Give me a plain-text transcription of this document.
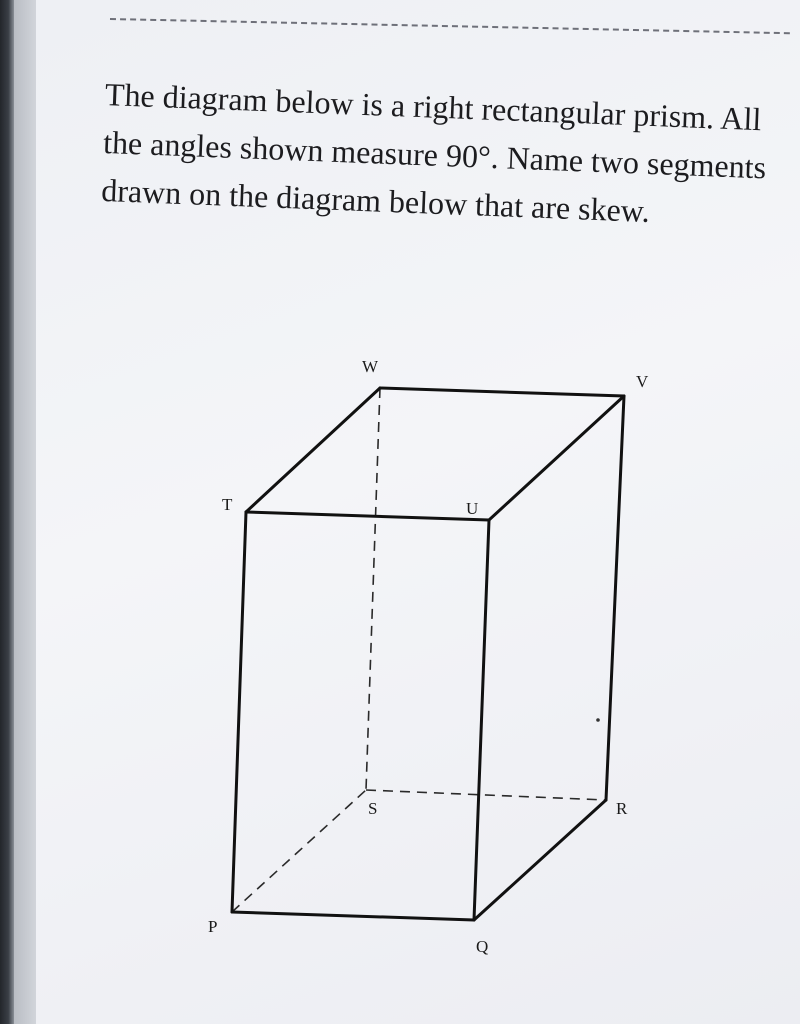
The diagram below is a right rectangular prism. All the angles shown measure 90°. Name two segments drawn on the diagram below that are skew.

W
V
T	U
S	R
P
Q
